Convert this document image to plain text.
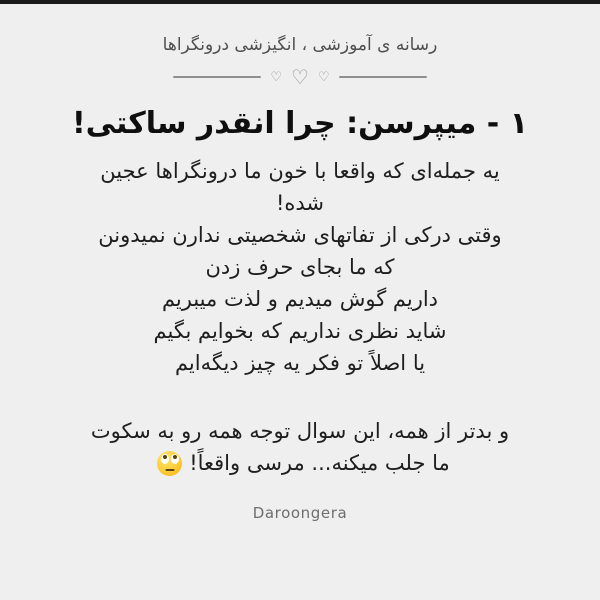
رسانه ی آموزشی ، انگیزشی درونگراها
♡ ♡ ♡
۱ - میپرسن: چرا انقدر ساکتی!
یه جمله‌ای که واقعا با خون ما درونگراها عجین
شده!
وقتی درکی از تفاتهای شخصیتی ندارن نمیدونن
که ما بجای حرف زدن
داریم گوش میدیم و لذت میبریم
شاید نظری نداریم که بخوایم بگیم
یا اصلاً تو فکر یه چیز دیگه‌ایم
و بدتر از همه، این سوال توجه همه رو به سکوت
ما جلب میکنه... مرسی واقعاً!
Daroongera
